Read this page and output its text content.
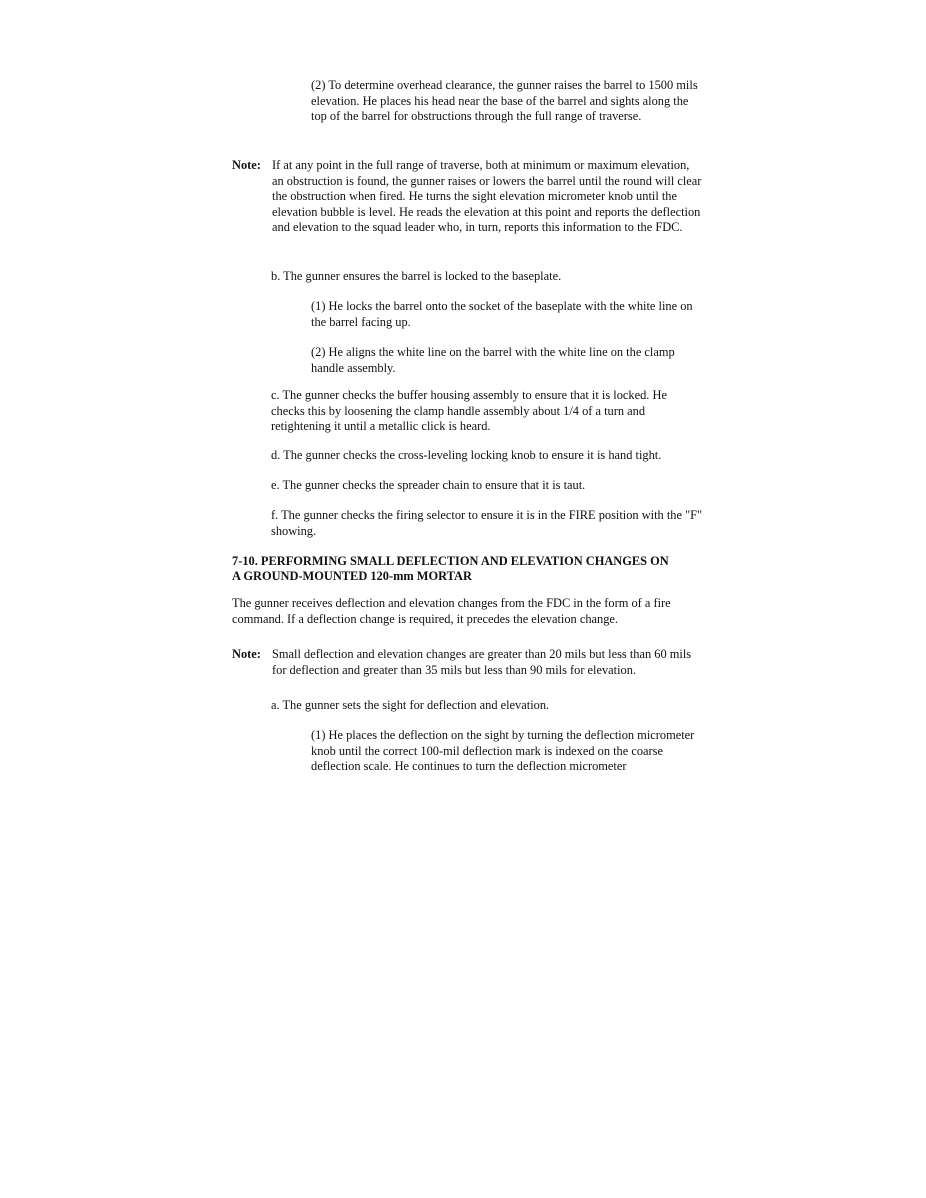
(2) To determine overhead clearance, the gunner raises the barrel to 1500 mils elevation. He places his head near the base of the barrel and sights along the top of the barrel for obstructions through the full range of traverse.

Note: If at any point in the full range of traverse, both at minimum or maximum elevation, an obstruction is found, the gunner raises or lowers the barrel until the round will clear the obstruction when fired. He turns the sight elevation micrometer knob until the elevation bubble is level. He reads the elevation at this point and reports the deflection and elevation to the squad leader who, in turn, reports this information to the FDC.

b. The gunner ensures the barrel is locked to the baseplate.

(1) He locks the barrel onto the socket of the baseplate with the white line on the barrel facing up.

(2) He aligns the white line on the barrel with the white line on the clamp handle assembly.

c. The gunner checks the buffer housing assembly to ensure that it is locked. He checks this by loosening the clamp handle assembly about 1/4 of a turn and retightening it until a metallic click is heard.

d. The gunner checks the cross-leveling locking knob to ensure it is hand tight.

e. The gunner checks the spreader chain to ensure that it is taut.

f. The gunner checks the firing selector to ensure it is in the FIRE position with the "F" showing.

7-10. PERFORMING SMALL DEFLECTION AND ELEVATION CHANGES ON
A GROUND-MOUNTED 120-mm MORTAR

The gunner receives deflection and elevation changes from the FDC in the form of a fire command. If a deflection change is required, it precedes the elevation change.

Note: Small deflection and elevation changes are greater than 20 mils but less than 60 mils for deflection and greater than 35 mils but less than 90 mils for elevation.

a. The gunner sets the sight for deflection and elevation.

(1) He places the deflection on the sight by turning the deflection micrometer knob until the correct 100-mil deflection mark is indexed on the coarse deflection scale. He continues to turn the deflection micrometer
